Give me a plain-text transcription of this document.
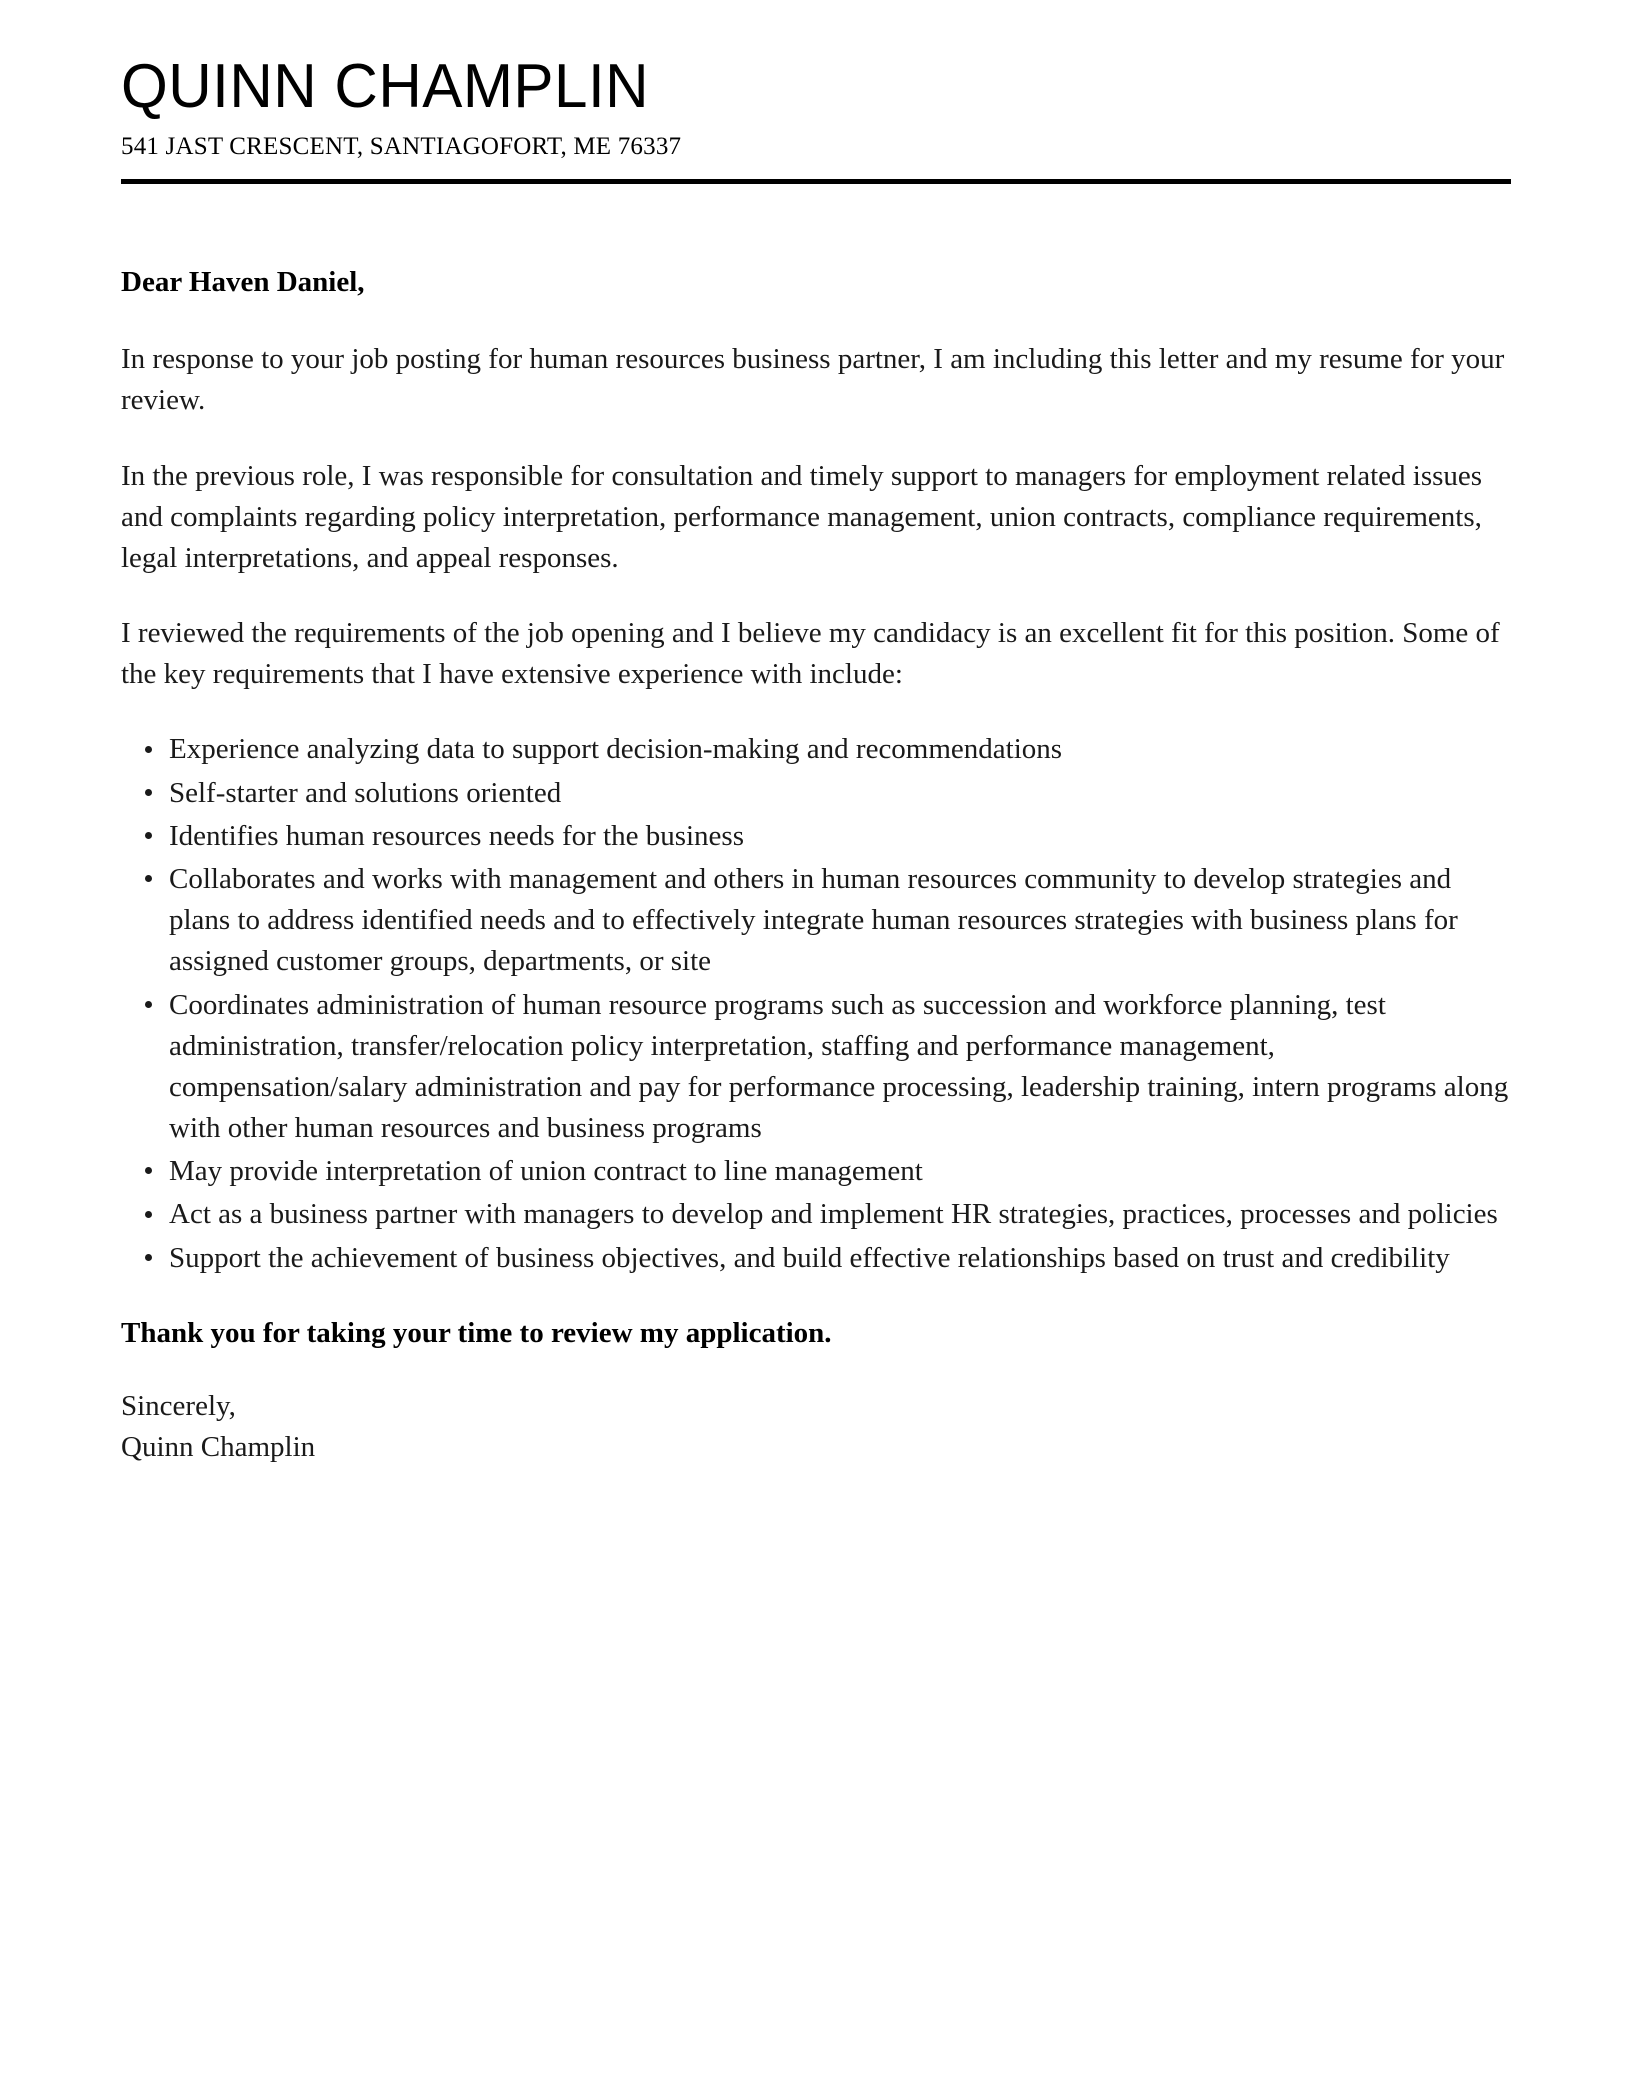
QUINN CHAMPLIN
541 JAST CRESCENT, SANTIAGOFORT, ME 76337

Dear Haven Daniel,

In response to your job posting for human resources business partner, I am including this letter and my resume for your review.

In the previous role, I was responsible for consultation and timely support to managers for employment related issues and complaints regarding policy interpretation, performance management, union contracts, compliance requirements, legal interpretations, and appeal responses.

I reviewed the requirements of the job opening and I believe my candidacy is an excellent fit for this position. Some of the key requirements that I have extensive experience with include:

Experience analyzing data to support decision-making and recommendations
Self-starter and solutions oriented
Identifies human resources needs for the business
Collaborates and works with management and others in human resources community to develop strategies and plans to address identified needs and to effectively integrate human resources strategies with business plans for assigned customer groups, departments, or site
Coordinates administration of human resource programs such as succession and workforce planning, test administration, transfer/relocation policy interpretation, staffing and performance management, compensation/salary administration and pay for performance processing, leadership training, intern programs along with other human resources and business programs
May provide interpretation of union contract to line management
Act as a business partner with managers to develop and implement HR strategies, practices, processes and policies
Support the achievement of business objectives, and build effective relationships based on trust and credibility

Thank you for taking your time to review my application.

Sincerely,

Quinn Champlin
